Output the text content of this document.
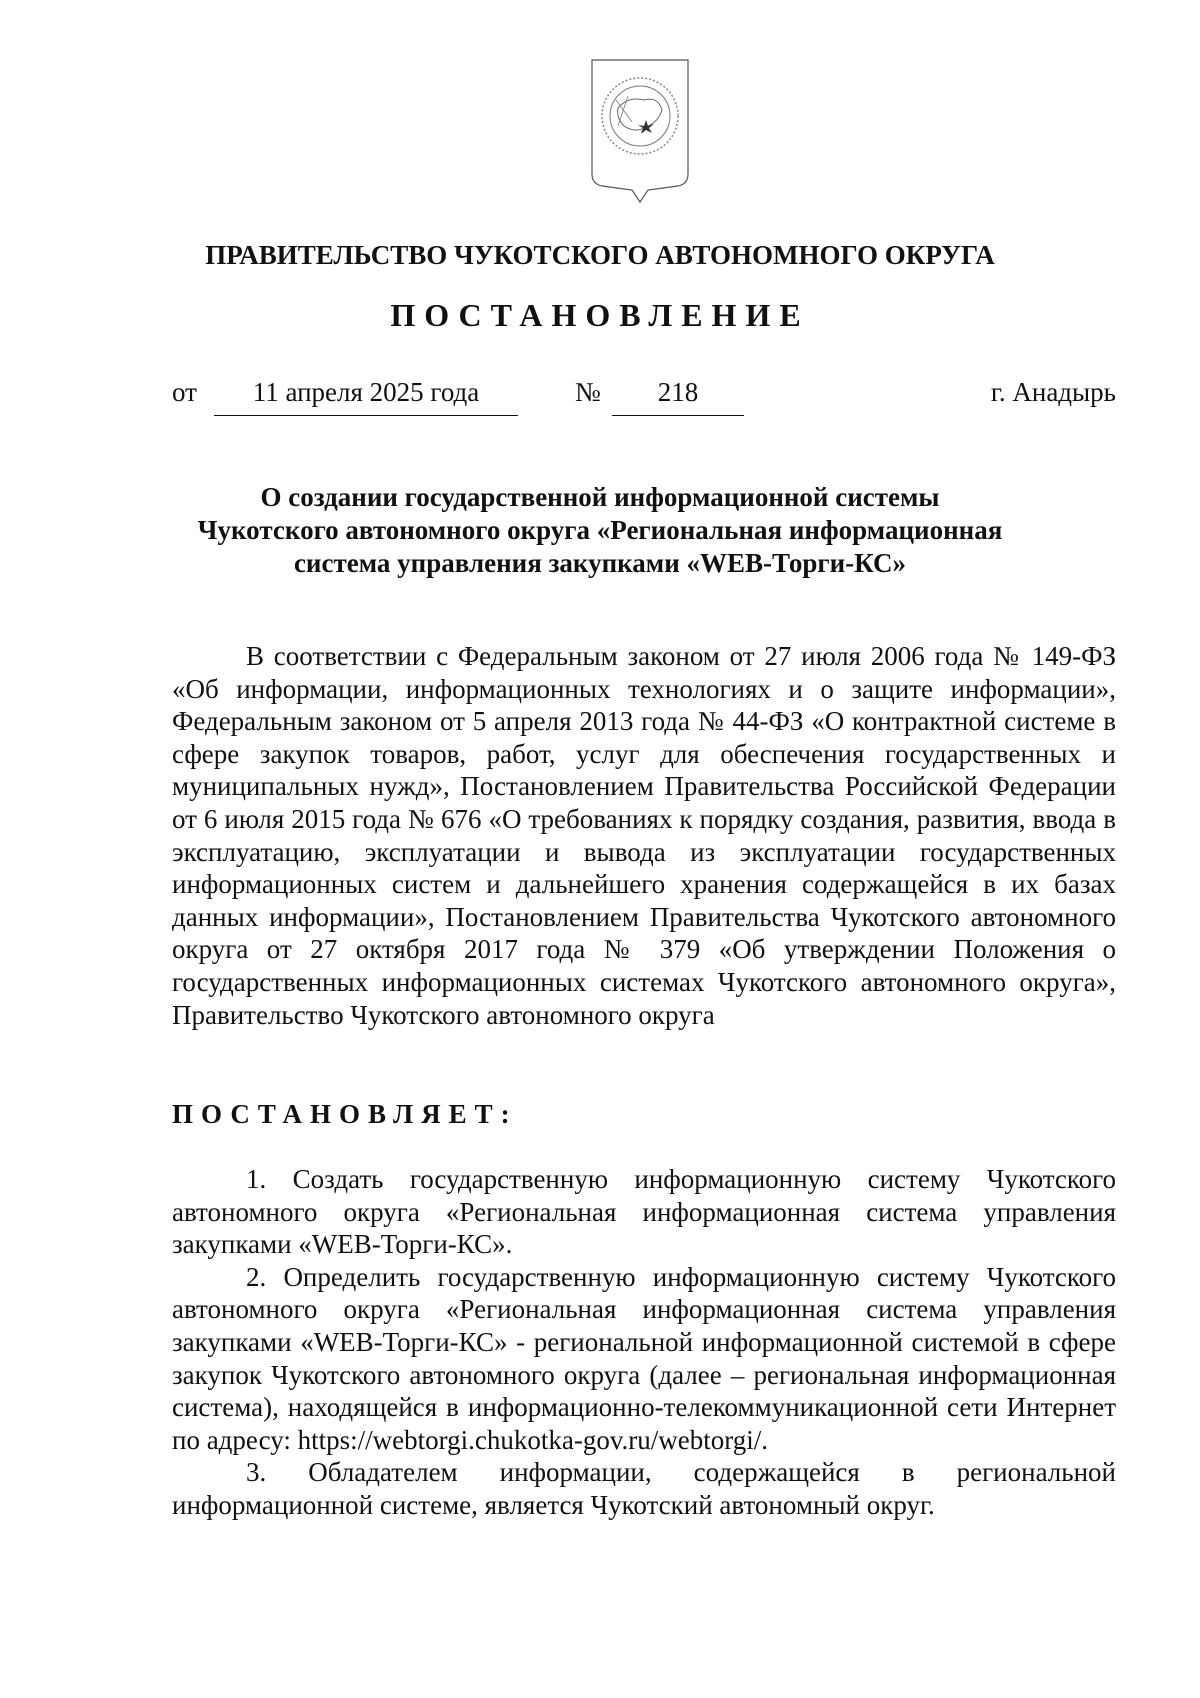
ПРАВИТЕЛЬСТВО ЧУКОТСКОГО АВТОНОМНОГО ОКРУГА
ПОСТАНОВЛЕНИЕ
от	11 апреля 2025 года	№	218	г. Анадырь
О создании государственной информационной системы
Чукотского автономного округа «Региональная информационная
система управления закупками «WEB-Торги-КС»
В соответствии с Федеральным законом от 27 июля 2006 года № 149-ФЗ «Об информации, информационных технологиях и о защите информации», Федеральным законом от 5 апреля 2013 года № 44-ФЗ «О контрактной системе в сфере закупок товаров, работ, услуг для обеспечения государственных и муниципальных нужд», Постановлением Правительства Российской Федерации от 6 июля 2015 года № 676 «О требованиях к порядку создания, развития, ввода в эксплуатацию, эксплуатации и вывода из эксплуатации государственных информационных систем и дальнейшего хранения содержащейся в их базах данных информации», Постановлением Правительства Чукотского автономного округа от 27 октября 2017 года № 379 «Об утверждении Положения о государственных информационных системах Чукотского автономного округа», Правительство Чукотского автономного округа
ПОСТАНОВЛЯЕТ:

1. Создать государственную информационную систему Чукотского автономного округа «Региональная информационная система управления закупками «WEB-Торги-КС».

2. Определить государственную информационную систему Чукотского автономного округа «Региональная информационная система управления закупками «WEB-Торги-КС» - региональной информационной системой в сфере закупок Чукотского автономного округа (далее – региональная информационная система), находящейся в информационно-телекоммуникационной сети Интернет по адресу: https://webtorgi.chukotka-gov.ru/webtorgi/.

3. Обладателем информации, содержащейся в региональной информационной системе, является Чукотский автономный округ.
